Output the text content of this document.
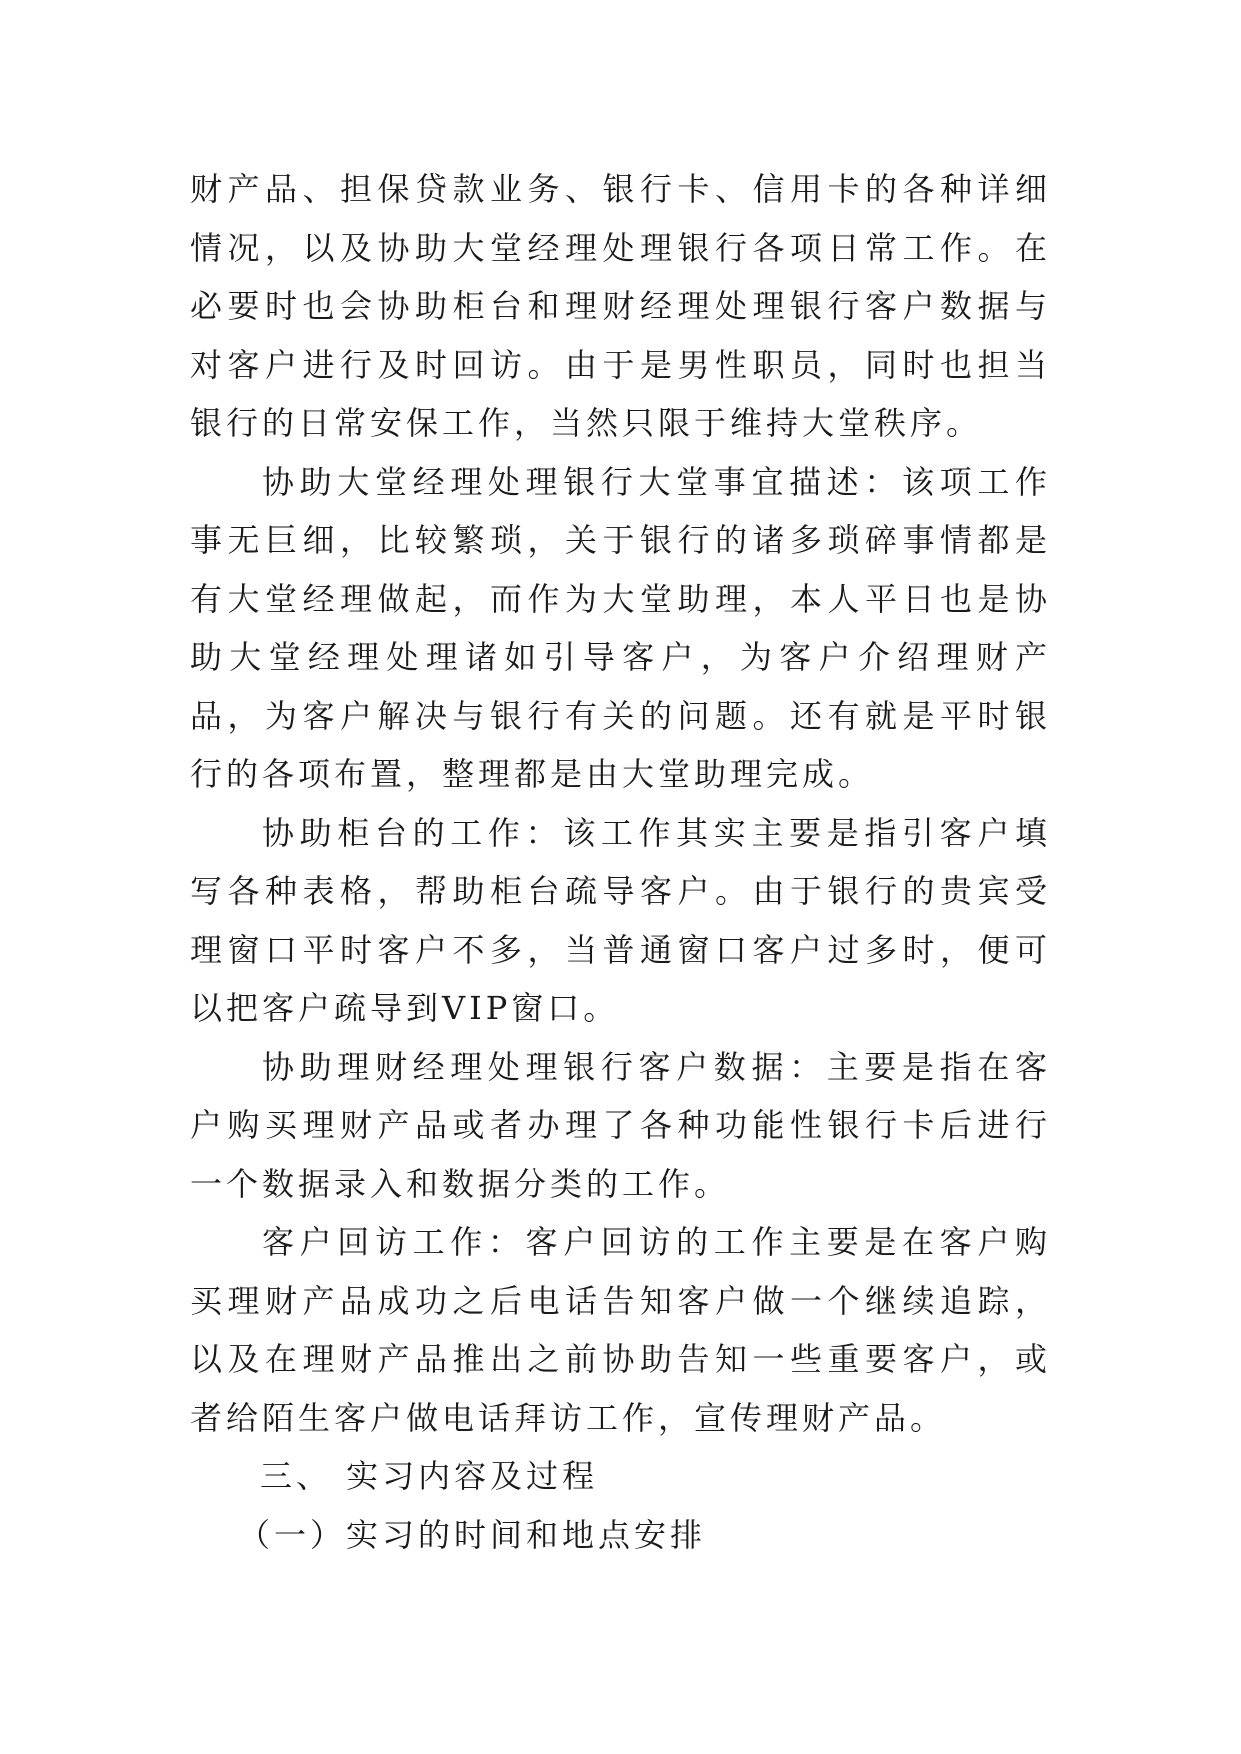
财产品、担保贷款业务、银行卡、信用卡的各种详细情况，以及协助大堂经理处理银行各项日常工作。在必要时也会协助柜台和理财经理处理银行客户数据与对客户进行及时回访。由于是男性职员，同时也担当银行的日常安保工作，当然只限于维持大堂秩序。

协助大堂经理处理银行大堂事宜描述：该项工作事无巨细，比较繁琐，关于银行的诸多琐碎事情都是有大堂经理做起，而作为大堂助理，本人平日也是协助大堂经理处理诸如引导客户，为客户介绍理财产品，为客户解决与银行有关的问题。还有就是平时银行的各项布置，整理都是由大堂助理完成。

协助柜台的工作：该工作其实主要是指引客户填写各种表格，帮助柜台疏导客户。由于银行的贵宾受理窗口平时客户不多，当普通窗口客户过多时，便可以把客户疏导到VIP窗口。

协助理财经理处理银行客户数据：主要是指在客户购买理财产品或者办理了各种功能性银行卡后进行一个数据录入和数据分类的工作。

客户回访工作：客户回访的工作主要是在客户购买理财产品成功之后电话告知客户做一个继续追踪，以及在理财产品推出之前协助告知一些重要客户，或者给陌生客户做电话拜访工作，宣传理财产品。

三、 实习内容及过程

（一）实习的时间和地点安排
